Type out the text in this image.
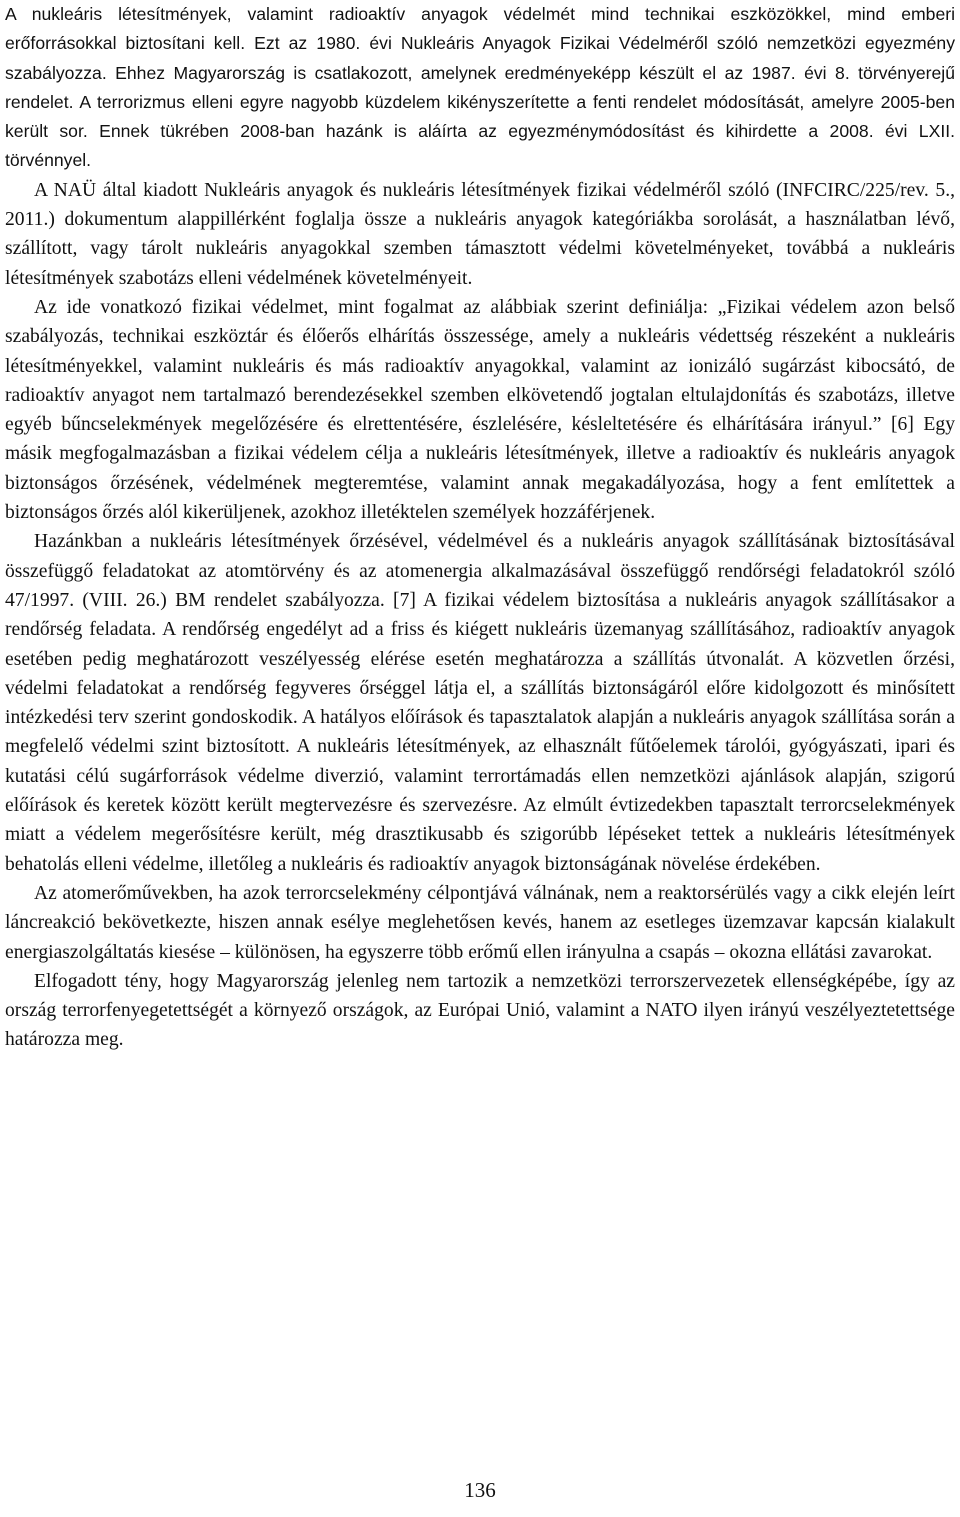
A nukleáris létesítmények, valamint radioaktív anyagok védelmét mind technikai eszközökkel, mind emberi erőforrásokkal biztosítani kell. Ezt az 1980. évi Nukleáris Anyagok Fizikai Védelméről szóló nemzetközi egyezmény szabályozza. Ehhez Magyarország is csatlakozott, amelynek eredményeképp készült el az 1987. évi 8. törvényerejű rendelet. A terrorizmus elleni egyre nagyobb küzdelem kikényszerítette a fenti rendelet módosítását, amelyre 2005-ben került sor. Ennek tükrében 2008-ban hazánk is aláírta az egyezménymódosítást és kihirdette a 2008. évi LXII. törvénnyel.

A NAÜ által kiadott Nukleáris anyagok és nukleáris létesítmények fizikai védelméről szóló (INFCIRC/225/rev. 5., 2011.) dokumentum alappillérként foglalja össze a nukleáris anyagok kategóriákba sorolását, a használatban lévő, szállított, vagy tárolt nukleáris anyagokkal szemben támasztott védelmi követelményeket, továbbá a nukleáris létesítmények szabotázs elleni védelmének követelményeit.

Az ide vonatkozó fizikai védelmet, mint fogalmat az alábbiak szerint definiálja: „Fizikai védelem azon belső szabályozás, technikai eszköztár és élőerős elhárítás összessége, amely a nukleáris védettség részeként a nukleáris létesítményekkel, valamint nukleáris és más radioaktív anyagokkal, valamint az ionizáló sugárzást kibocsátó, de radioaktív anyagot nem tartalmazó berendezésekkel szemben elkövetendő jogtalan eltulajdonítás és szabotázs, illetve egyéb bűncselekmények megelőzésére és elrettentésére, észlelésére, késleltetésére és elhárítására irányul.” [6] Egy másik megfogalmazásban a fizikai védelem célja a nukleáris létesítmények, illetve a radioaktív és nukleáris anyagok biztonságos őrzésének, védelmének megteremtése, valamint annak megakadályozása, hogy a fent említettek a biztonságos őrzés alól kikerüljenek, azokhoz illetéktelen személyek hozzáférjenek.

Hazánkban a nukleáris létesítmények őrzésével, védelmével és a nukleáris anyagok szállításának biztosításával összefüggő feladatokat az atomtörvény és az atomenergia alkalmazásával összefüggő rendőrségi feladatokról szóló 47/1997. (VIII. 26.) BM rendelet szabályozza. [7] A fizikai védelem biztosítása a nukleáris anyagok szállításakor a rendőrség feladata. A rendőrség engedélyt ad a friss és kiégett nukleáris üzemanyag szállításához, radioaktív anyagok esetében pedig meghatározott veszélyesség elérése esetén meghatározza a szállítás útvonalát. A közvetlen őrzési, védelmi feladatokat a rendőrség fegyveres őrséggel látja el, a szállítás biztonságáról előre kidolgozott és minősített intézkedési terv szerint gondoskodik. A hatályos előírások és tapasztalatok alapján a nukleáris anyagok szállítása során a megfelelő védelmi szint biztosított. A nukleáris létesítmények, az elhasznált fűtőelemek tárolói, gyógyászati, ipari és kutatási célú sugárforrások védelme diverzió, valamint terrortámadás ellen nemzetközi ajánlások alapján, szigorú előírások és keretek között került megtervezésre és szervezésre. Az elmúlt évtizedekben tapasztalt terrorcselekmények miatt a védelem megerősítésre került, még drasztikusabb és szigorúbb lépéseket tettek a nukleáris létesítmények behatolás elleni védelme, illetőleg a nukleáris és radioaktív anyagok biztonságának növelése érdekében.

Az atomerőművekben, ha azok terrorcselekmény célpontjává válnának, nem a reaktorsérülés vagy a cikk elején leírt láncreakció bekövetkezte, hiszen annak esélye meglehetősen kevés, hanem az esetleges üzemzavar kapcsán kialakult energiaszolgáltatás kiesése – különösen, ha egyszerre több erőmű ellen irányulna a csapás – okozna ellátási zavarokat.

Elfogadott tény, hogy Magyarország jelenleg nem tartozik a nemzetközi terrorszervezetek ellenségképébe, így az ország terrorfenyegetettségét a környező országok, az Európai Unió, valamint a NATO ilyen irányú veszélyeztetettsége határozza meg.

136
